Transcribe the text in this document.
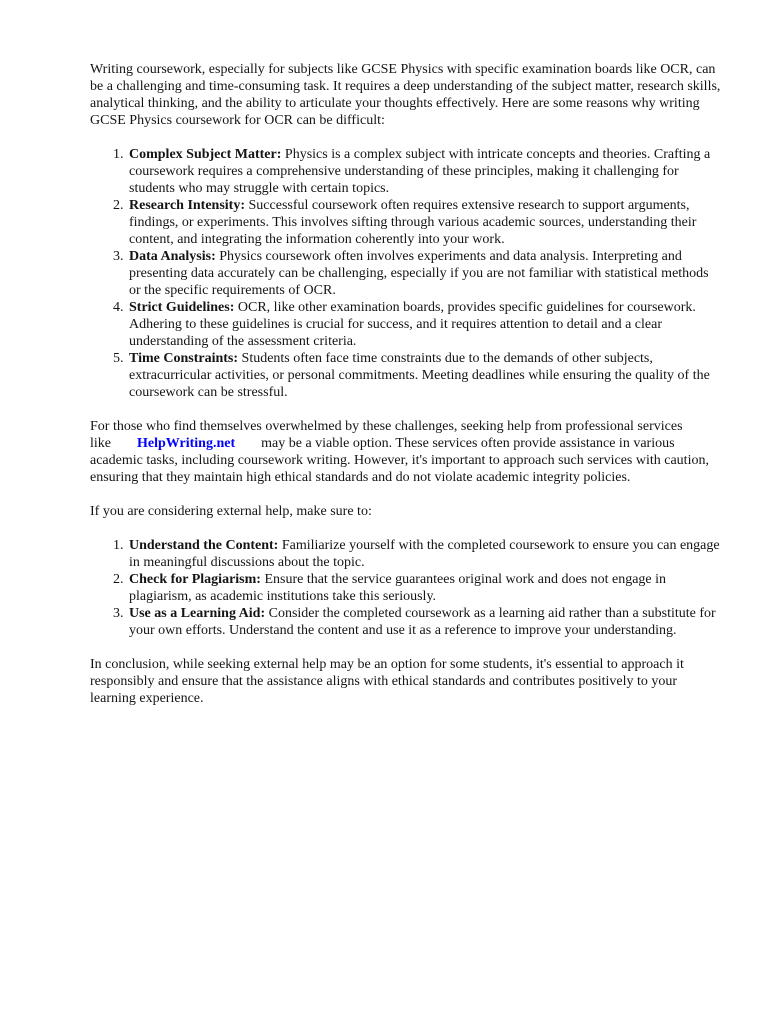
Writing coursework, especially for subjects like GCSE Physics with specific examination boards like OCR, can be a challenging and time-consuming task. It requires a deep understanding of the subject matter, research skills, analytical thinking, and the ability to articulate your thoughts effectively. Here are some reasons why writing GCSE Physics coursework for OCR can be difficult:

1. Complex Subject Matter: Physics is a complex subject with intricate concepts and theories. Crafting a coursework requires a comprehensive understanding of these principles, making it challenging for students who may struggle with certain topics.
2. Research Intensity: Successful coursework often requires extensive research to support arguments, findings, or experiments. This involves sifting through various academic sources, understanding their content, and integrating the information coherently into your work.
3. Data Analysis: Physics coursework often involves experiments and data analysis. Interpreting and presenting data accurately can be challenging, especially if you are not familiar with statistical methods or the specific requirements of OCR.
4. Strict Guidelines: OCR, like other examination boards, provides specific guidelines for coursework. Adhering to these guidelines is crucial for success, and it requires attention to detail and a clear understanding of the assessment criteria.
5. Time Constraints: Students often face time constraints due to the demands of other subjects, extracurricular activities, or personal commitments. Meeting deadlines while ensuring the quality of the coursework can be stressful.

For those who find themselves overwhelmed by these challenges, seeking help from professional services like HelpWriting.net may be a viable option. These services often provide assistance in various academic tasks, including coursework writing. However, it's important to approach such services with caution, ensuring that they maintain high ethical standards and do not violate academic integrity policies.

If you are considering external help, make sure to:

1. Understand the Content: Familiarize yourself with the completed coursework to ensure you can engage in meaningful discussions about the topic.
2. Check for Plagiarism: Ensure that the service guarantees original work and does not engage in plagiarism, as academic institutions take this seriously.
3. Use as a Learning Aid: Consider the completed coursework as a learning aid rather than a substitute for your own efforts. Understand the content and use it as a reference to improve your understanding.

In conclusion, while seeking external help may be an option for some students, it's essential to approach it responsibly and ensure that the assistance aligns with ethical standards and contributes positively to your learning experience.
